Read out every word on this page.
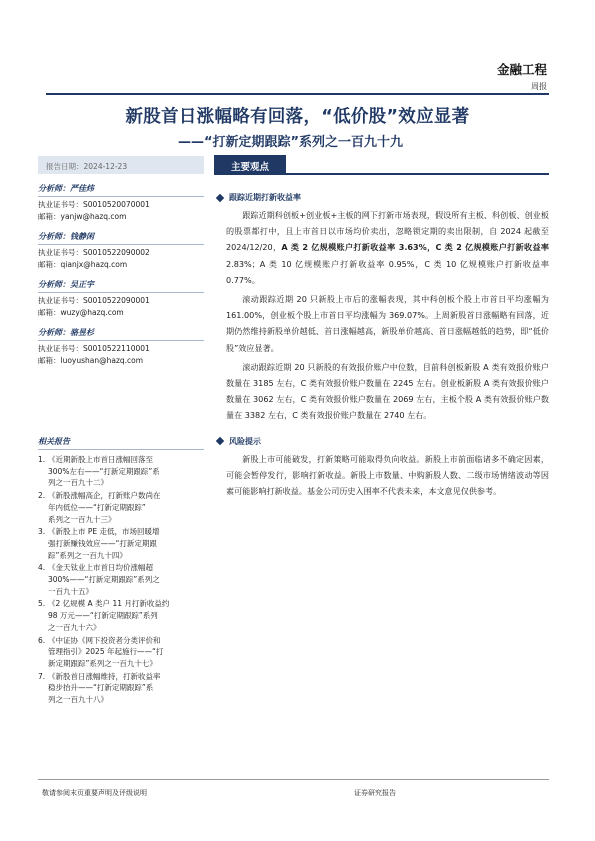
金融工程
周报
新股首日涨幅略有回落，“低价股”效应显著
——“打新定期跟踪”系列之一百九十九
报告日期：2024-12-23	主要观点
分析师：严佳炜
执业证书号：S0010520070001
邮箱：yanjw@hazq.com
分析师：钱静闲
执业证书号：S0010522090002
邮箱：qianjx@hazq.com
分析师：吴正宇
执业证书号：S0010522090001
邮箱：wuzy@hazq.com
分析师：骆昱杉
执业证书号：S0010522110001
邮箱：luoyushan@hazq.com
相关报告
1. 《近期新股上市首日涨幅回落至
300%左右——“打新定期跟踪”系
列之一百九十二》
2. 《新股涨幅高企，打新账户数尚在
年内低位——“打新定期跟踪”
系列之一百九十三》
3. 《新股上市 PE 走低，市场回暖增
强打新赚钱效应——“打新定期跟
踪”系列之一百九十四》
4. 《金天钛业上市首日均价涨幅超
300%——“打新定期跟踪”系列之
一百九十五》
5. 《2 亿规模 A 类户 11 月打新收益约
98 万元——“打新定期跟踪”系列
之一百九十六》
6. 《中证协《网下投资者分类评价和
管理指引》2025 年起施行——“打
新定期跟踪”系列之一百九十七》
7. 《新股首日涨幅维持，打新收益率
稳步抬升——“打新定期跟踪”系
列之一百九十八》
跟踪近期打新收益率

跟踪近期科创板+创业板+主板的网下打新市场表现，假设所有主板、科创板、创业板的股票都打中，且上市首日以市场均价卖出，忽略锁定期的卖出限制，自 2024 起截至 2024/12/20，A 类 2 亿规模账户打新收益率 3.63%，C 类 2 亿规模账户打新收益率 2.83%；A 类 10 亿规模账户打新收益率 0.95%，C 类 10 亿规模账户打新收益率 0.77%。

滚动跟踪近期 20 只新股上市后的涨幅表现，其中科创板个股上市首日平均涨幅为 161.00%，创业板个股上市首日平均涨幅为 369.07%。上周新股首日涨幅略有回落，近期仍然维持新股单价越低、首日涨幅越高，新股单价越高、首日涨幅越低的趋势，即“低价股”效应显著。

滚动跟踪近期 20 只新股的有效报价账户中位数，目前科创板新股 A 类有效报价账户数量在 3185 左右，C 类有效报价账户数量在 2245 左右。创业板新股 A 类有效报价账户数量在 3062 左右，C 类有效报价账户数量在 2069 左右，主板个股 A 类有效报价账户数量在 3382 左右，C 类有效报价账户数量在 2740 左右。

风险提示

新股上市可能破发，打新策略可能取得负向收益。新股上市前面临诸多不确定因素，可能会暂停发行，影响打新收益。新股上市数量、中购新股人数、二级市场情绪波动等因素可能影响打新收益。基金公司历史入围率不代表未来，本文意见仅供参考。

敬请参阅末页重要声明及评级说明	证券研究报告
